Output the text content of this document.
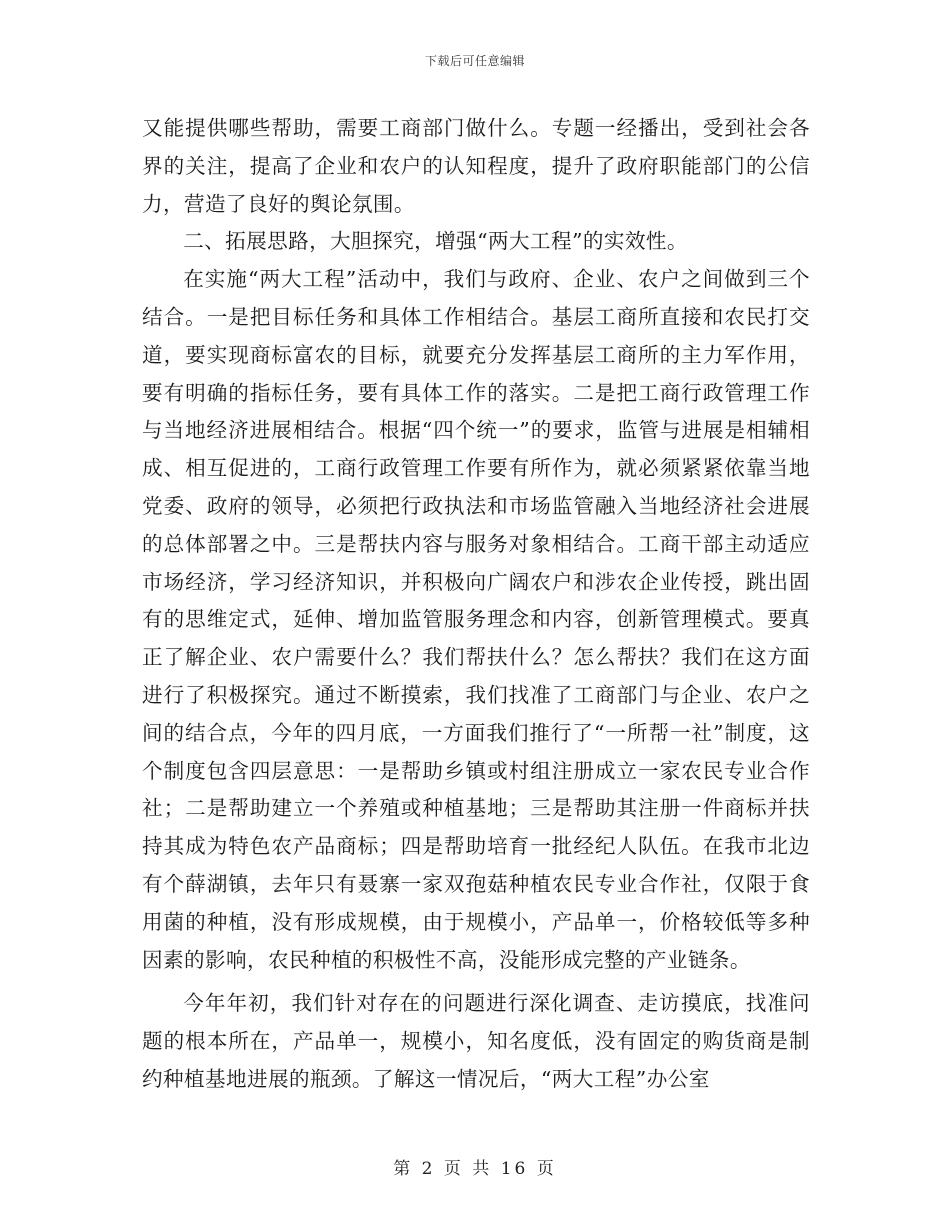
下载后可任意编辑

又能提供哪些帮助，需要工商部门做什么。专题一经播出，受到社会各界的关注，提高了企业和农户的认知程度，提升了政府职能部门的公信力，营造了良好的舆论氛围。

二、拓展思路，大胆探究，增强“两大工程”的实效性。

在实施“两大工程”活动中，我们与政府、企业、农户之间做到三个结合。一是把目标任务和具体工作相结合。基层工商所直接和农民打交道，要实现商标富农的目标，就要充分发挥基层工商所的主力军作用，要有明确的指标任务，要有具体工作的落实。二是把工商行政管理工作与当地经济进展相结合。根据“四个统一”的要求，监管与进展是相辅相成、相互促进的，工商行政管理工作要有所作为，就必须紧紧依靠当地党委、政府的领导，必须把行政执法和市场监管融入当地经济社会进展的总体部署之中。三是帮扶内容与服务对象相结合。工商干部主动适应市场经济，学习经济知识，并积极向广阔农户和涉农企业传授，跳出固有的思维定式，延伸、增加监管服务理念和内容，创新管理模式。要真正了解企业、农户需要什么？我们帮扶什么？怎么帮扶？我们在这方面进行了积极探究。通过不断摸索，我们找准了工商部门与企业、农户之间的结合点，今年的四月底，一方面我们推行了“一所帮一社”制度，这个制度包含四层意思：一是帮助乡镇或村组注册成立一家农民专业合作社；二是帮助建立一个养殖或种植基地；三是帮助其注册一件商标并扶持其成为特色农产品商标；四是帮助培育一批经纪人队伍。在我市北边有个薛湖镇，去年只有聂寨一家双孢菇种植农民专业合作社，仅限于食用菌的种植，没有形成规模，由于规模小，产品单一，价格较低等多种因素的影响，农民种植的积极性不高，没能形成完整的产业链条。

今年年初，我们针对存在的问题进行深化调查、走访摸底，找准问题的根本所在，产品单一，规模小，知名度低，没有固定的购货商是制约种植基地进展的瓶颈。了解这一情况后，“两大工程”办公室

第 2 页 共 16 页
